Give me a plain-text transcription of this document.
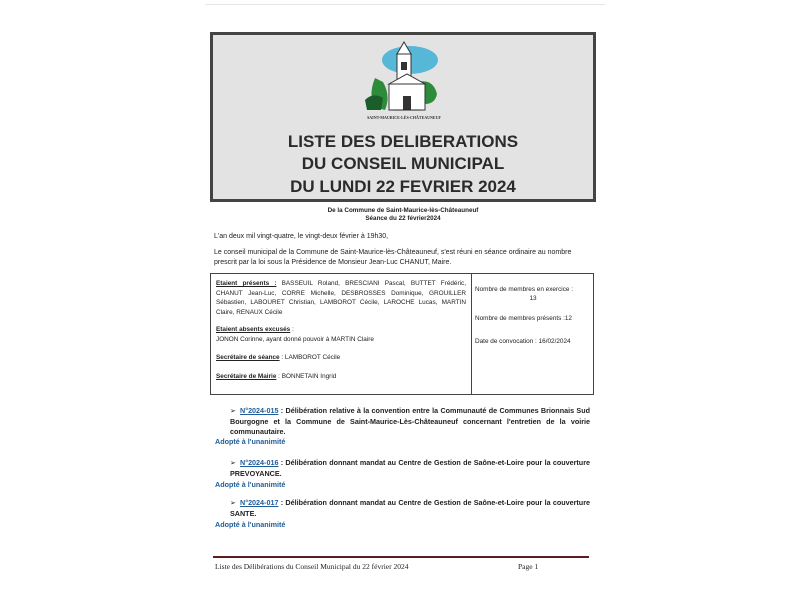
SAINT-MAURICE-LÈS-CHÂTEAUNEUF
LISTE DES DELIBERATIONS
DU CONSEIL MUNICIPAL
DU LUNDI 22 FEVRIER 2024
De la Commune de Saint-Maurice-lès-Châteauneuf
Séance du 22 février2024
L'an deux mil vingt-quatre, le vingt-deux février à 19h30,
Le conseil municipal de la Commune de Saint-Maurice-lès-Châteauneuf, s'est réuni en séance ordinaire au nombre prescrit par la loi sous la Présidence de Monsieur Jean-Luc CHANUT, Maire.
Etaient présents : BASSEUIL Roland, BRESCIANI Pascal, BUTTET Frédéric, CHANUT Jean-Luc, CORRE Michelle, DESBROSSES Dominique, GROUILLER Sébastien, LABOURET Christian, LAMBOROT Cécile, LAROCHE Lucas, MARTIN Claire, RENAUX Cécile
Etaient absents excusés :
JONON Corinne, ayant donné pouvoir à MARTIN Claire
Secrétaire de séance : LAMBOROT Cécile
Secrétaire de Mairie : BONNETAIN Ingrid
Nombre de membres en exercice :
13
Nombre de membres présents :12
Date de convocation : 16/02/2024
➢ N°2024-015 : Délibération relative à la convention entre la Communauté de Communes Brionnais Sud Bourgogne et la Commune de Saint-Maurice-Lès-Châteauneuf concernant l'entretien de la voirie communautaire.
Adopté à l'unanimité
➢ N°2024-016 : Délibération donnant mandat au Centre de Gestion de Saône-et-Loire pour la couverture PREVOYANCE.
Adopté à l'unanimité
➢ N°2024-017 : Délibération donnant mandat au Centre de Gestion de Saône-et-Loire pour la couverture SANTE.
Adopté à l'unanimité
Liste des Délibérations du Conseil Municipal du 22 février 2024	Page 1
